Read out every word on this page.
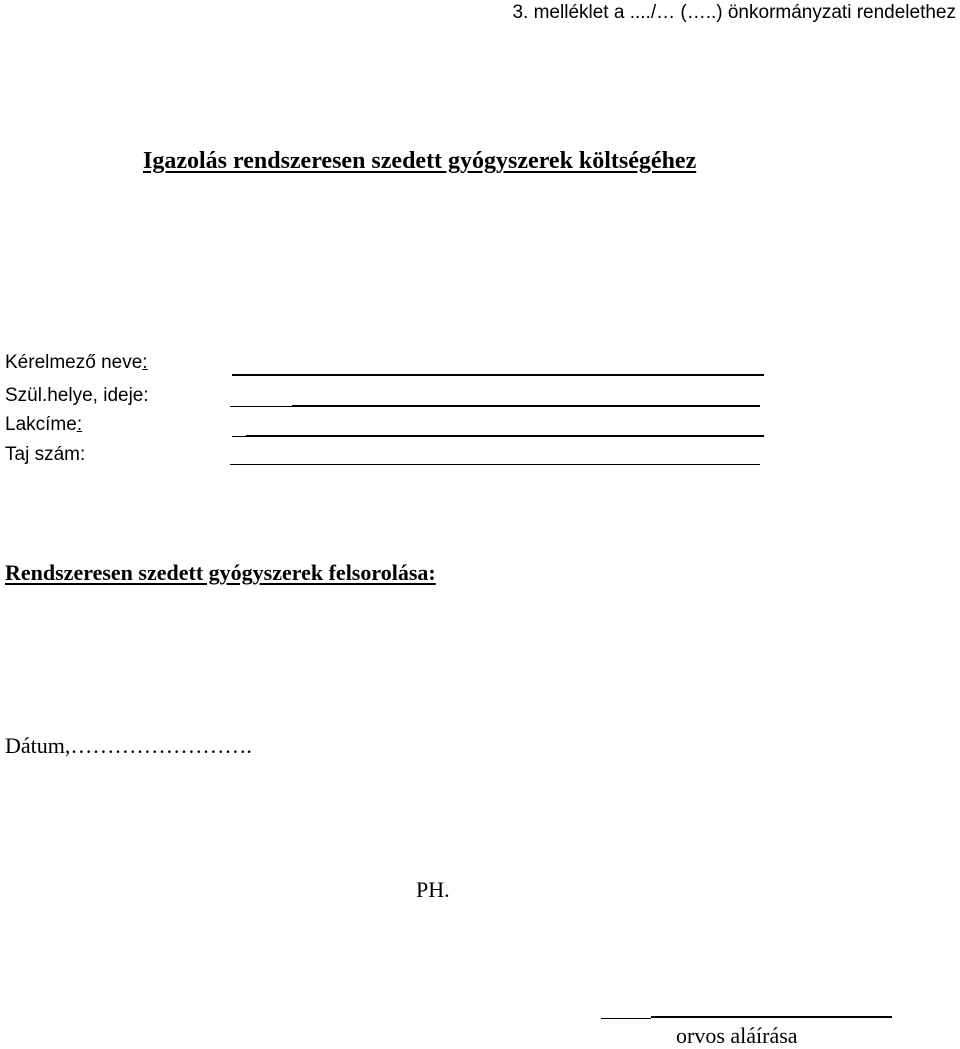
3. melléklet a ..../… (…..) önkormányzati rendelethez
Igazolás rendszeresen szedett gyógyszerek költségéhez
Kérelmező neve:
Szül.helye, ideje:
Lakcíme:
Taj szám:
Rendszeresen szedett gyógyszerek felsorolása:
Dátum,…………………….
PH.
orvos aláírása
